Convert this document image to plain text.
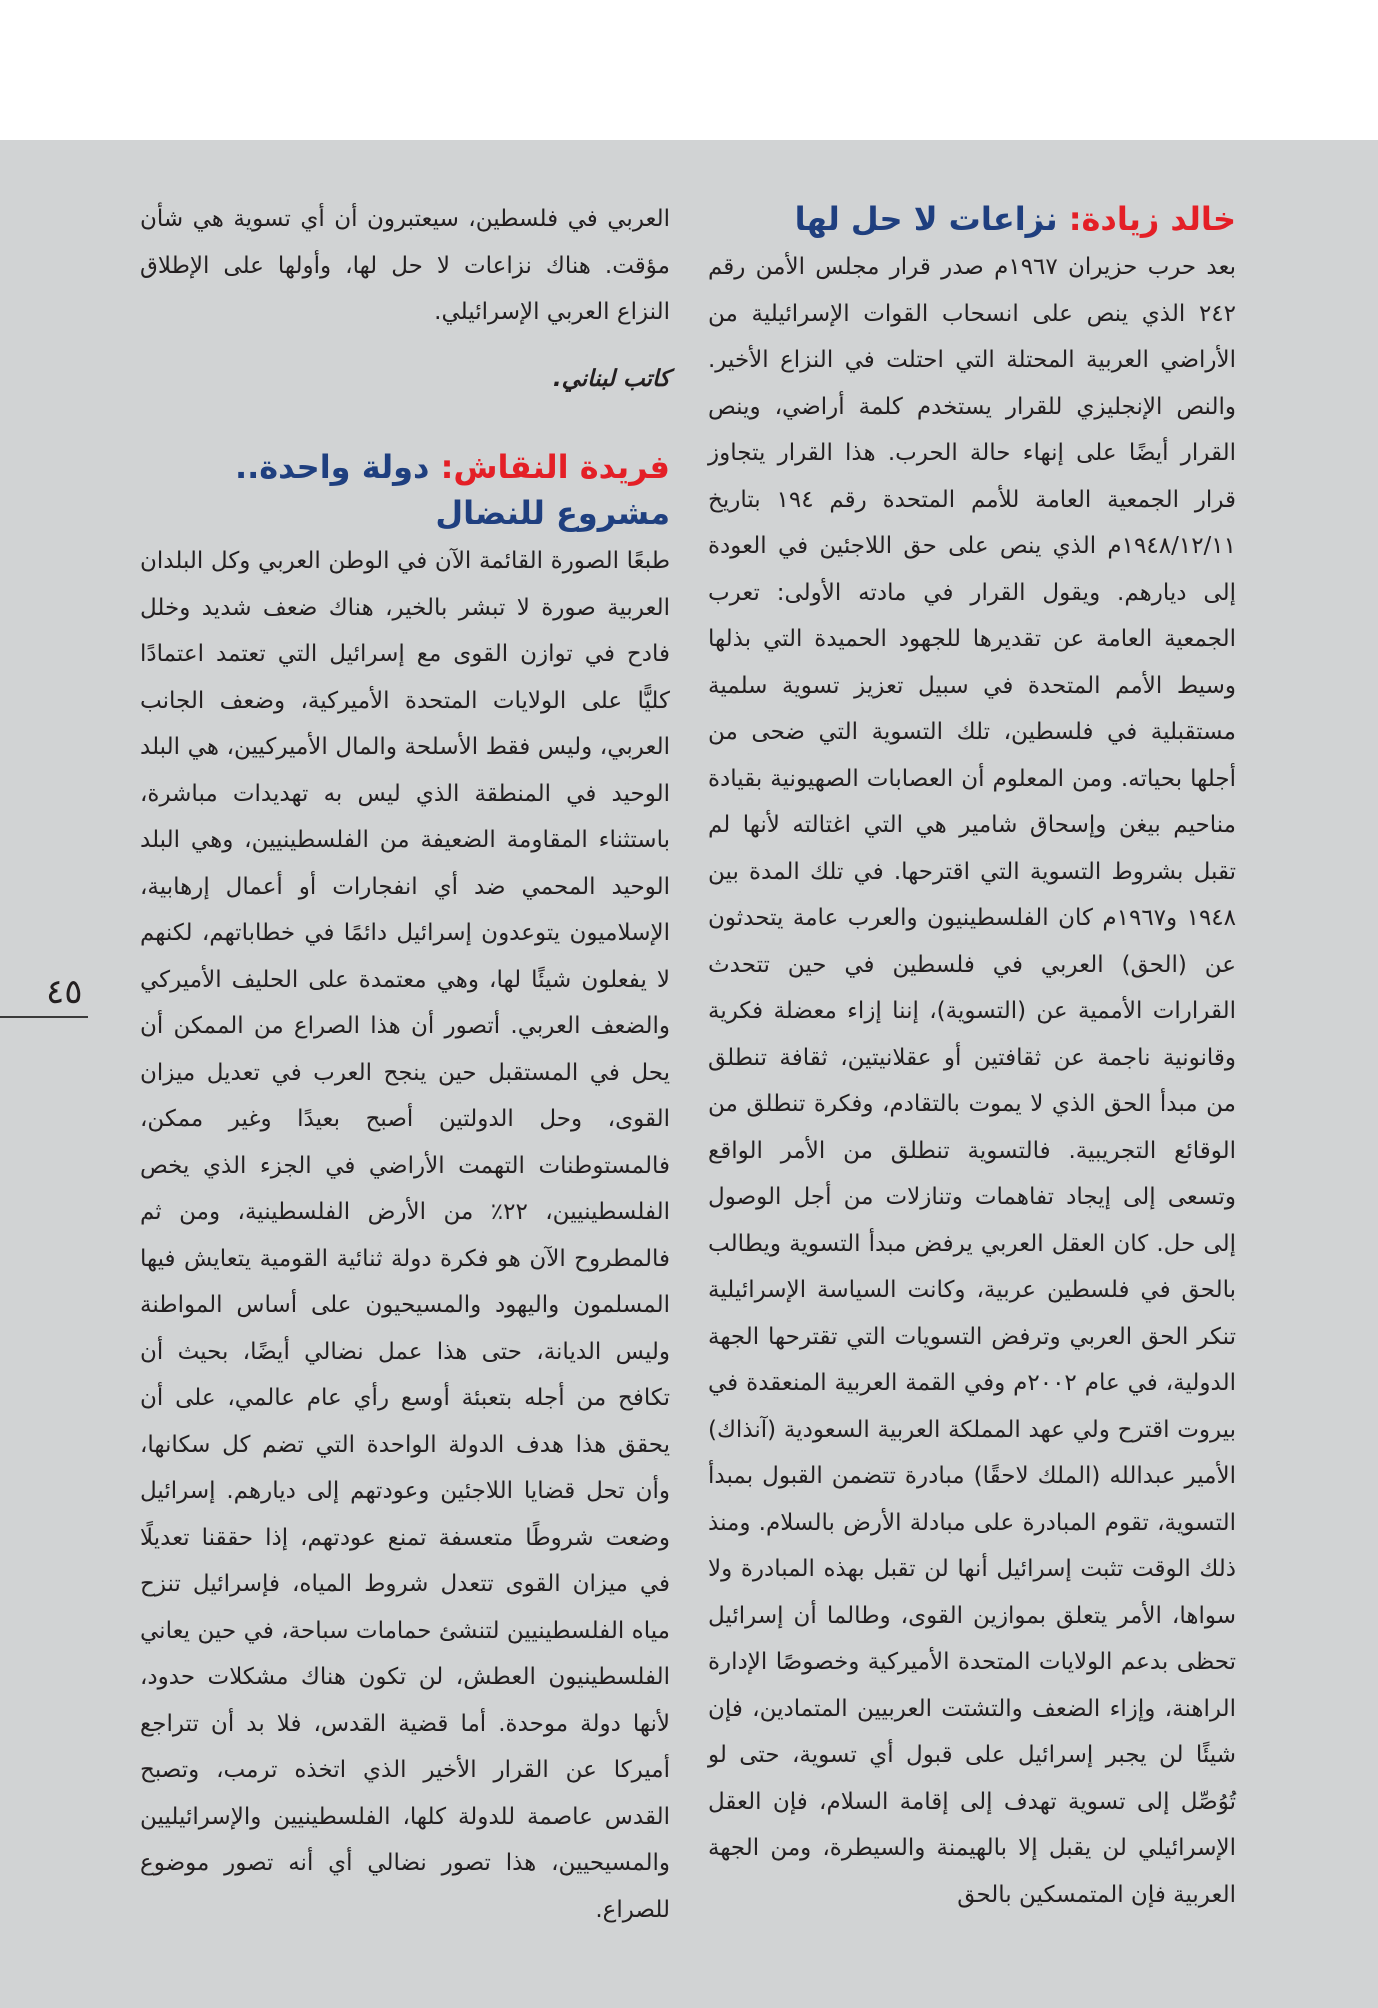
خالد زيادة: نزاعات لا حل لها

بعد حرب حزيران ١٩٦٧م صدر قرار مجلس الأمن رقم ٢٤٢ الذي ينص على انسحاب القوات الإسرائيلية من الأراضي العربية المحتلة التي احتلت في النزاع الأخير. والنص الإنجليزي للقرار يستخدم كلمة أراضي، وينص القرار أيضًا على إنهاء حالة الحرب. هذا القرار يتجاوز قرار الجمعية العامة للأمم المتحدة رقم ١٩٤ بتاريخ ١٩٤٨/١٢/١١م الذي ينص على حق اللاجئين في العودة إلى ديارهم. ويقول القرار في مادته الأولى: تعرب الجمعية العامة عن تقديرها للجهود الحميدة التي بذلها وسيط الأمم المتحدة في سبيل تعزيز تسوية سلمية مستقبلية في فلسطين، تلك التسوية التي ضحى من أجلها بحياته. ومن المعلوم أن العصابات الصهيونية بقيادة مناحيم بيغن وإسحاق شامير هي التي اغتالته لأنها لم تقبل بشروط التسوية التي اقترحها. في تلك المدة بين ١٩٤٨ و١٩٦٧م كان الفلسطينيون والعرب عامة يتحدثون عن (الحق) العربي في فلسطين في حين تتحدث القرارات الأممية عن (التسوية)، إننا إزاء معضلة فكرية وقانونية ناجمة عن ثقافتين أو عقلانيتين، ثقافة تنطلق من مبدأ الحق الذي لا يموت بالتقادم، وفكرة تنطلق من الوقائع التجريبية. فالتسوية تنطلق من الأمر الواقع وتسعى إلى إيجاد تفاهمات وتنازلات من أجل الوصول إلى حل. كان العقل العربي يرفض مبدأ التسوية ويطالب بالحق في فلسطين عربية، وكانت السياسة الإسرائيلية تنكر الحق العربي وترفض التسويات التي تقترحها الجهة الدولية، في عام ٢٠٠٢م وفي القمة العربية المنعقدة في بيروت اقترح ولي عهد المملكة العربية السعودية (آنذاك) الأمير عبدالله (الملك لاحقًا) مبادرة تتضمن القبول بمبدأ التسوية، تقوم المبادرة على مبادلة الأرض بالسلام. ومنذ ذلك الوقت تثبت إسرائيل أنها لن تقبل بهذه المبادرة ولا سواها، الأمر يتعلق بموازين القوى، وطالما أن إسرائيل تحظى بدعم الولايات المتحدة الأميركية وخصوصًا الإدارة الراهنة، وإزاء الضعف والتشتت العربيين المتمادين، فإن شيئًا لن يجبر إسرائيل على قبول أي تسوية، حتى لو تُوُصِّل إلى تسوية تهدف إلى إقامة السلام، فإن العقل الإسرائيلي لن يقبل إلا بالهيمنة والسيطرة، ومن الجهة العربية فإن المتمسكين بالحق

العربي في فلسطين، سيعتبرون أن أي تسوية هي شأن مؤقت. هناك نزاعات لا حل لها، وأولها على الإطلاق النزاع العربي الإسرائيلي.

كاتب لبناني.

فريدة النقاش: دولة واحدة.. مشروع للنضال

طبعًا الصورة القائمة الآن في الوطن العربي وكل البلدان العربية صورة لا تبشر بالخير، هناك ضعف شديد وخلل فادح في توازن القوى مع إسرائيل التي تعتمد اعتمادًا كليًّا على الولايات المتحدة الأميركية، وضعف الجانب العربي، وليس فقط الأسلحة والمال الأميركيين، هي البلد الوحيد في المنطقة الذي ليس به تهديدات مباشرة، باستثناء المقاومة الضعيفة من الفلسطينيين، وهي البلد الوحيد المحمي ضد أي انفجارات أو أعمال إرهابية، الإسلاميون يتوعدون إسرائيل دائمًا في خطاباتهم، لكنهم لا يفعلون شيئًا لها، وهي معتمدة على الحليف الأميركي والضعف العربي. أتصور أن هذا الصراع من الممكن أن يحل في المستقبل حين ينجح العرب في تعديل ميزان القوى، وحل الدولتين أصبح بعيدًا وغير ممكن، فالمستوطنات التهمت الأراضي في الجزء الذي يخص الفلسطينيين، ٢٢٪ من الأرض الفلسطينية، ومن ثم فالمطروح الآن هو فكرة دولة ثنائية القومية يتعايش فيها المسلمون واليهود والمسيحيون على أساس المواطنة وليس الديانة، حتى هذا عمل نضالي أيضًا، بحيث أن تكافح من أجله بتعبئة أوسع رأي عام عالمي، على أن يحقق هذا هدف الدولة الواحدة التي تضم كل سكانها، وأن تحل قضايا اللاجئين وعودتهم إلى ديارهم. إسرائيل وضعت شروطًا متعسفة تمنع عودتهم، إذا حققنا تعديلًا في ميزان القوى تتعدل شروط المياه، فإسرائيل تنزح مياه الفلسطينيين لتنشئ حمامات سباحة، في حين يعاني الفلسطينيون العطش، لن تكون هناك مشكلات حدود، لأنها دولة موحدة. أما قضية القدس، فلا بد أن تتراجع أميركا عن القرار الأخير الذي اتخذه ترمب، وتصبح القدس عاصمة للدولة كلها، الفلسطينيين والإسرائيليين والمسيحيين، هذا تصور نضالي أي أنه تصور موضوع للصراع.

٤٥
